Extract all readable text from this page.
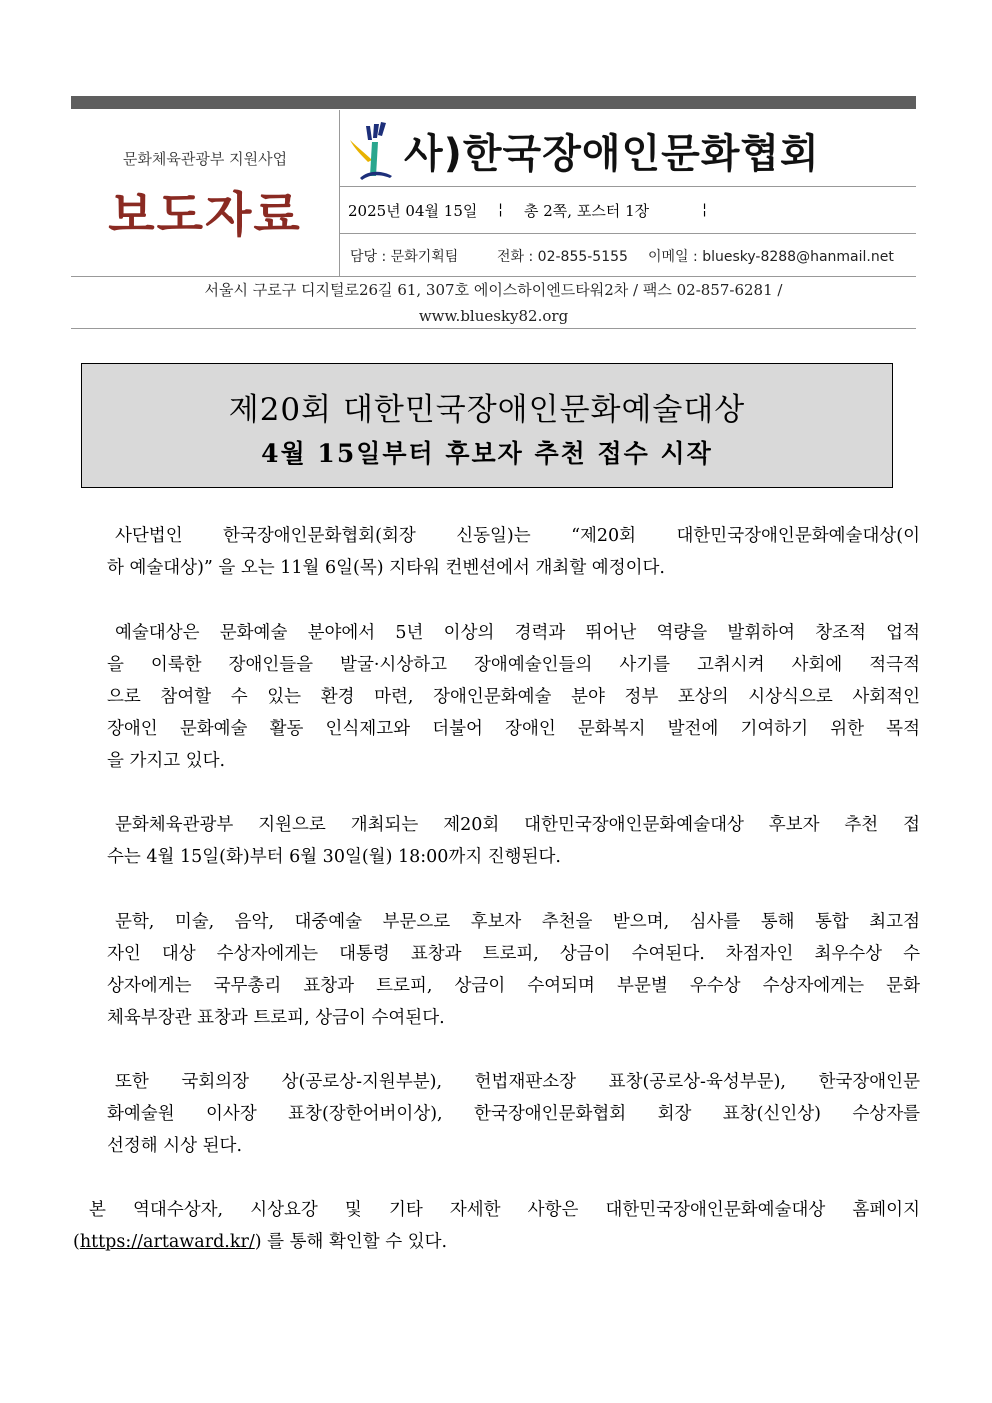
문화체육관광부 지원사업
보도자료
사)한국장애인문화협회
2025년 04월 15일 ¦ 총 2쪽, 포스터 1장	¦
담당 : 문화기획팀	전화 : 02-855-5155 이메일 : bluesky-8288@hanmail.net
서울시 구로구 디지털로26길 61, 307호 에이스하이엔드타워2차 / 팩스 02-857-6281 /
www.bluesky82.org
제20회 대한민국장애인문화예술대상
4월 15일부터 후보자 추천 접수 시작
사단법인 한국장애인문화협회(회장 신동일)는 “제20회 대한민국장애인문화예술대상(이
하 예술대상)” 을 오는 11월 6일(목) 지타워 컨벤션에서 개최할 예정이다.
예술대상은 문화예술 분야에서 5년 이상의 경력과 뛰어난 역량을 발휘하여 창조적 업적
을 이룩한 장애인들을 발굴·시상하고 장애예술인들의 사기를 고취시켜 사회에 적극적
으로 참여할 수 있는 환경 마련, 장애인문화예술 분야 정부 포상의 시상식으로 사회적인
장애인 문화예술 활동 인식제고와 더불어 장애인 문화복지 발전에 기여하기 위한 목적
을 가지고 있다.
문화체육관광부 지원으로 개최되는 제20회 대한민국장애인문화예술대상 후보자 추천 접
수는 4월 15일(화)부터 6월 30일(월) 18:00까지 진행된다.
문학, 미술, 음악, 대중예술 부문으로 후보자 추천을 받으며, 심사를 통해 통합 최고점
자인 대상 수상자에게는 대통령 표창과 트로피, 상금이 수여된다. 차점자인 최우수상 수
상자에게는 국무총리 표창과 트로피, 상금이 수여되며 부문별 우수상 수상자에게는 문화
체육부장관 표창과 트로피, 상금이 수여된다.
또한 국회의장 상(공로상-지원부분), 헌법재판소장 표창(공로상-육성부문), 한국장애인문
화예술원 이사장 표창(장한어버이상), 한국장애인문화협회 회장 표창(신인상) 수상자를
선정해 시상 된다.
본 역대수상자, 시상요강 및 기타 자세한 사항은 대한민국장애인문화예술대상 홈페이지
(https://artaward.kr/) 를 통해 확인할 수 있다.
